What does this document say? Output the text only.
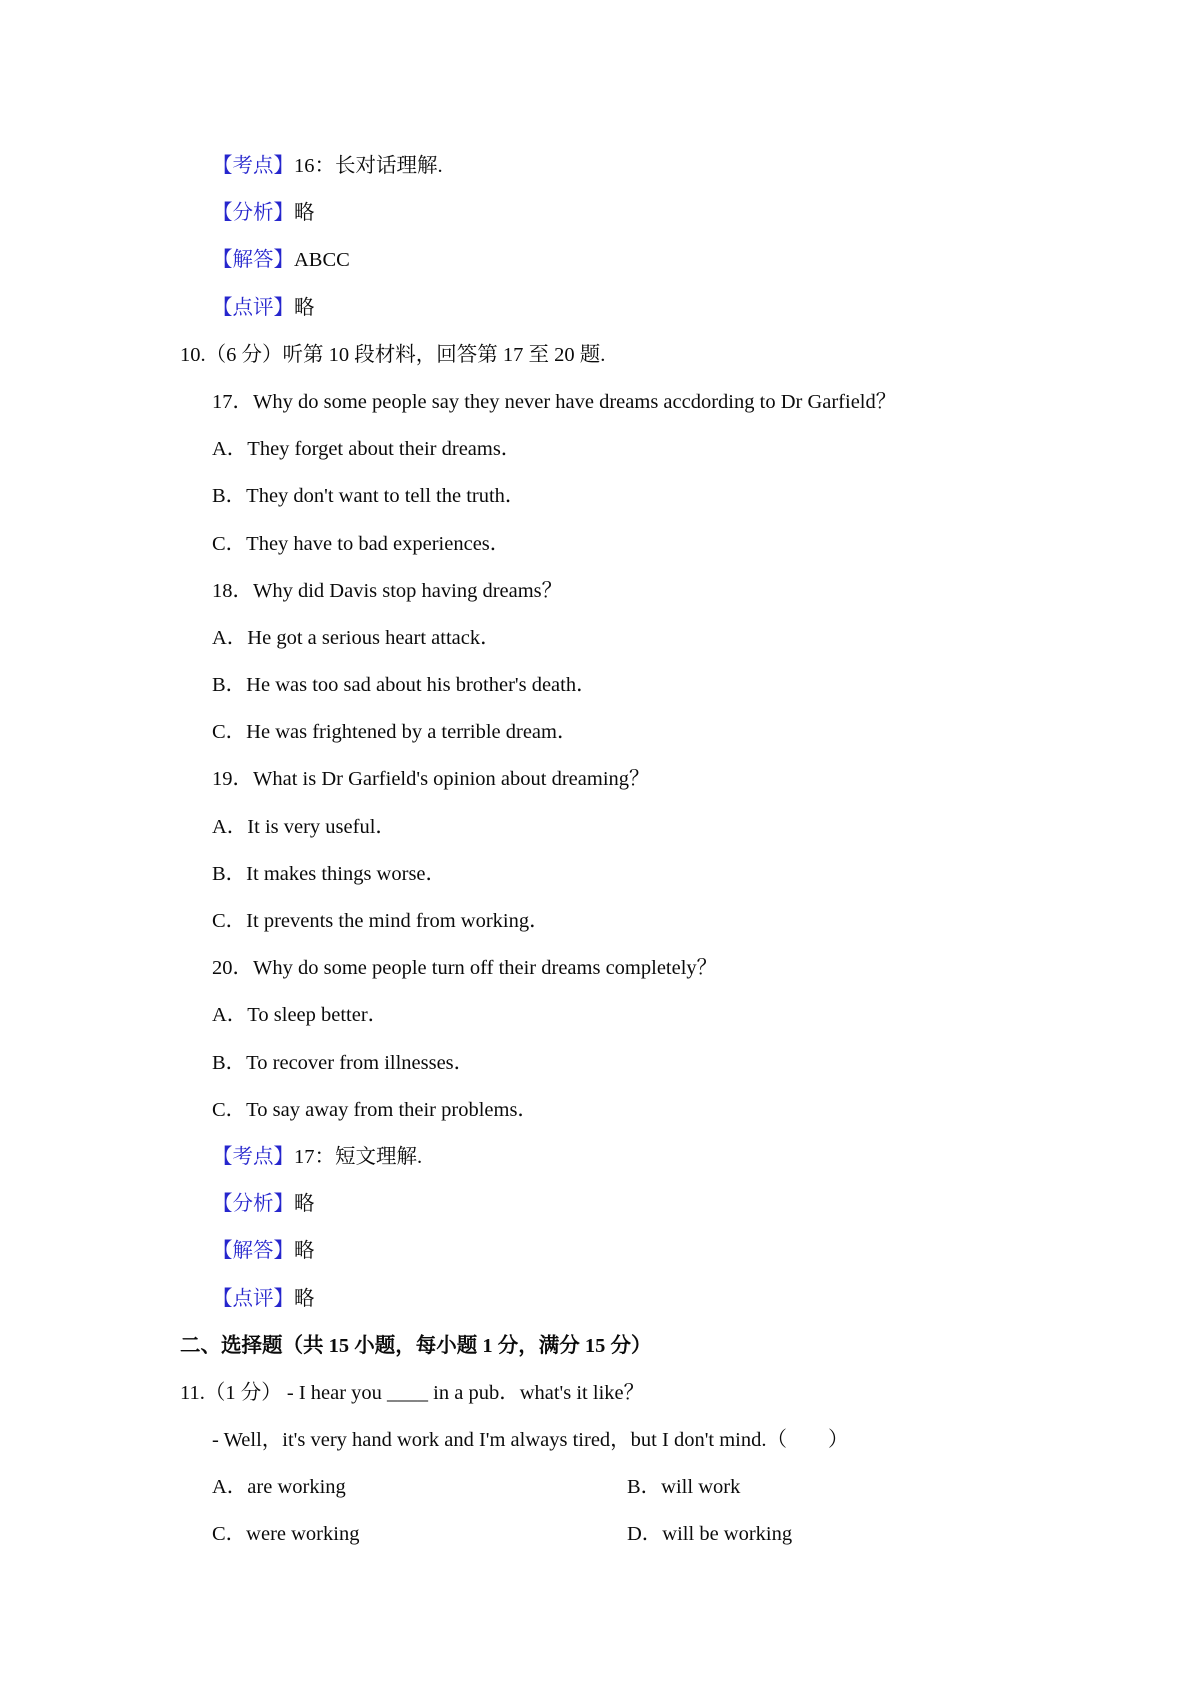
【考点】16：长对话理解.
【分析】略
【解答】ABCC
【点评】略
10.（6 分）听第 10 段材料，回答第 17 至 20 题.
17．Why do some people say they never have dreams accdording to Dr Garfield？
A．They forget about their dreams．
B．They don't want to tell the truth．
C．They have to bad experiences．
18．Why did Davis stop having dreams？
A．He got a serious heart attack．
B．He was too sad about his brother's death．
C．He was frightened by a terrible dream．
19．What is Dr Garfield's opinion about dreaming？
A．It is very useful．
B．It makes things worse．
C．It prevents the mind from working．
20．Why do some people turn off their dreams completely？
A．To sleep better．
B．To recover from illnesses．
C．To say away from their problems．
【考点】17：短文理解.
【分析】略
【解答】略
【点评】略
二、选择题（共 15 小题，每小题 1 分，满分 15 分）
11.（1 分） - I hear you ____ in a pub．what's it like？
- Well，it's very hand work and I'm always tired，but I don't mind.（　　）
A．are working	B．will work
C．were working	D．will be working
